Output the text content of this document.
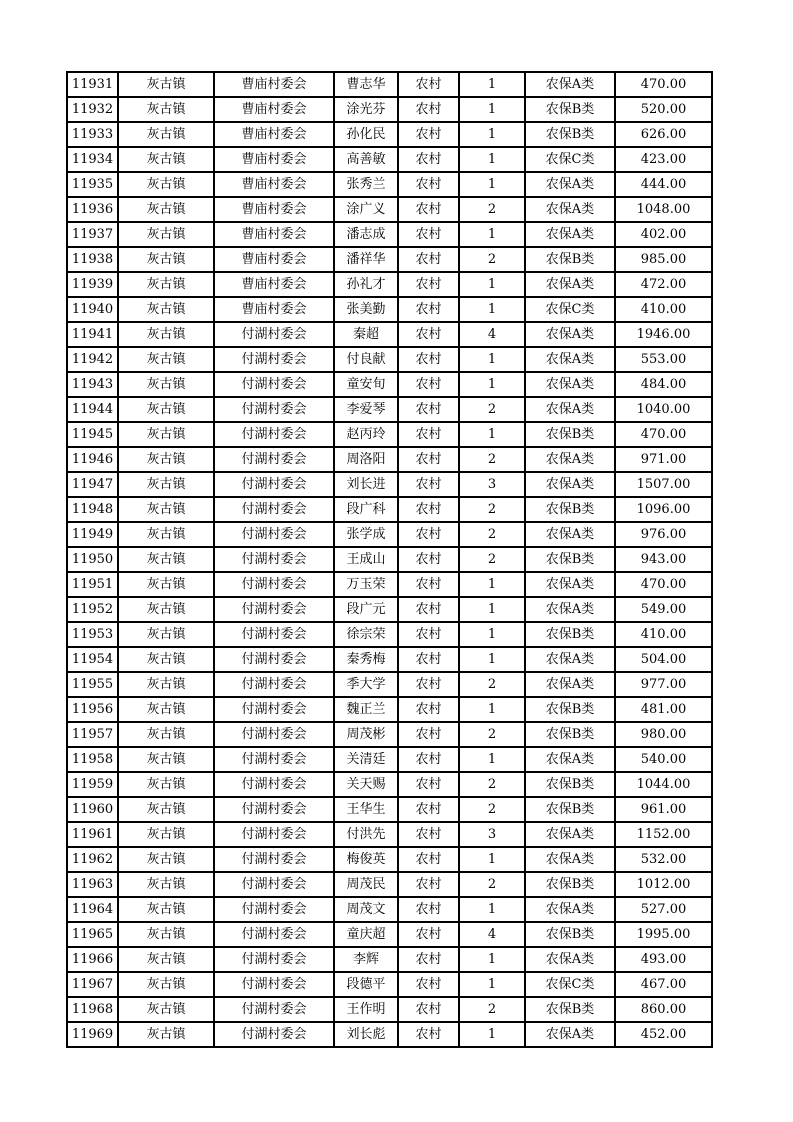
11931	灰古镇	曹庙村委会	曹志华	农村	1	农保A类	470.00
11932	灰古镇	曹庙村委会	涂光芬	农村	1	农保B类	520.00
11933	灰古镇	曹庙村委会	孙化民	农村	1	农保B类	626.00
11934	灰古镇	曹庙村委会	高善敏	农村	1	农保C类	423.00
11935	灰古镇	曹庙村委会	张秀兰	农村	1	农保A类	444.00
11936	灰古镇	曹庙村委会	涂广义	农村	2	农保A类	1048.00
11937	灰古镇	曹庙村委会	潘志成	农村	1	农保A类	402.00
11938	灰古镇	曹庙村委会	潘祥华	农村	2	农保B类	985.00
11939	灰古镇	曹庙村委会	孙礼才	农村	1	农保A类	472.00
11940	灰古镇	曹庙村委会	张美勤	农村	1	农保C类	410.00
11941	灰古镇	付湖村委会	秦超	农村	4	农保A类	1946.00
11942	灰古镇	付湖村委会	付良献	农村	1	农保A类	553.00
11943	灰古镇	付湖村委会	童安旬	农村	1	农保A类	484.00
11944	灰古镇	付湖村委会	李爱琴	农村	2	农保A类	1040.00
11945	灰古镇	付湖村委会	赵丙玲	农村	1	农保B类	470.00
11946	灰古镇	付湖村委会	周洛阳	农村	2	农保A类	971.00
11947	灰古镇	付湖村委会	刘长进	农村	3	农保A类	1507.00
11948	灰古镇	付湖村委会	段广科	农村	2	农保B类	1096.00
11949	灰古镇	付湖村委会	张学成	农村	2	农保A类	976.00
11950	灰古镇	付湖村委会	王成山	农村	2	农保B类	943.00
11951	灰古镇	付湖村委会	万玉荣	农村	1	农保A类	470.00
11952	灰古镇	付湖村委会	段广元	农村	1	农保A类	549.00
11953	灰古镇	付湖村委会	徐宗荣	农村	1	农保B类	410.00
11954	灰古镇	付湖村委会	秦秀梅	农村	1	农保A类	504.00
11955	灰古镇	付湖村委会	季大学	农村	2	农保A类	977.00
11956	灰古镇	付湖村委会	魏正兰	农村	1	农保B类	481.00
11957	灰古镇	付湖村委会	周茂彬	农村	2	农保B类	980.00
11958	灰古镇	付湖村委会	关清廷	农村	1	农保A类	540.00
11959	灰古镇	付湖村委会	关天赐	农村	2	农保B类	1044.00
11960	灰古镇	付湖村委会	王华生	农村	2	农保B类	961.00
11961	灰古镇	付湖村委会	付洪先	农村	3	农保A类	1152.00
11962	灰古镇	付湖村委会	梅俊英	农村	1	农保A类	532.00
11963	灰古镇	付湖村委会	周茂民	农村	2	农保B类	1012.00
11964	灰古镇	付湖村委会	周茂文	农村	1	农保A类	527.00
11965	灰古镇	付湖村委会	童庆超	农村	4	农保B类	1995.00
11966	灰古镇	付湖村委会	李辉	农村	1	农保A类	493.00
11967	灰古镇	付湖村委会	段德平	农村	1	农保C类	467.00
11968	灰古镇	付湖村委会	王作明	农村	2	农保B类	860.00
11969	灰古镇	付湖村委会	刘长彪	农村	1	农保A类	452.00
